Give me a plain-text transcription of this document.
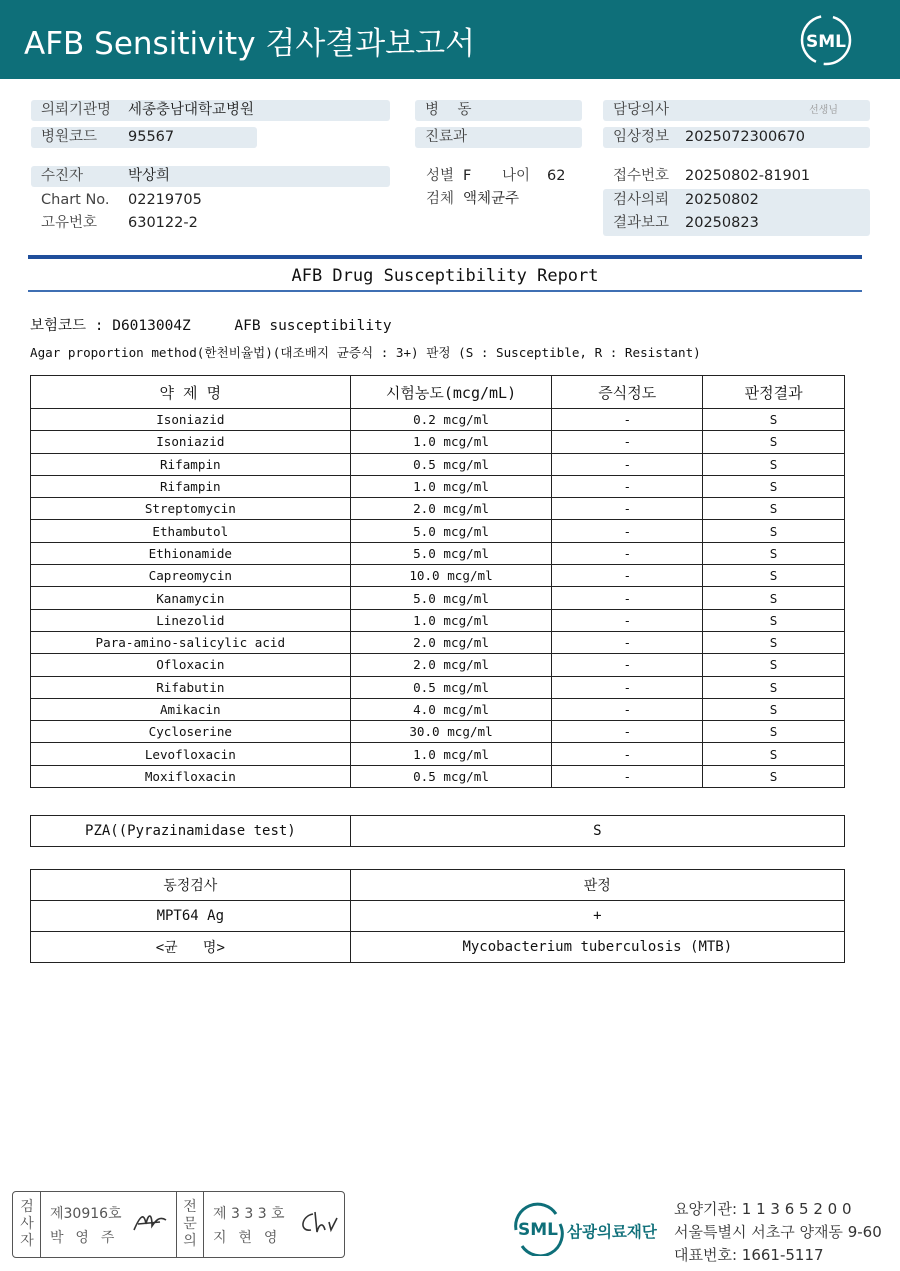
AFB Sensitivity 검사결과보고서	SML
의뢰기관명 세종충남대학교병원
병원코드 95567
수진자	박상희
Chart No. 02219705
고유번호 630122-2
병    동
진료과
성별 F 나이 62
검체 액체균주
담당의사	선생님
임상정보 2025072300670
접수번호 20250802-81901
검사의뢰 20250802
결과보고 20250823
AFB Drug Susceptibility Report
보험코드 : D6013004Z     AFB susceptibility
Agar proportion method(한천비율법)(대조배지 균증식 : 3+) 판정 (S : Susceptible, R : Resistant)
약 제 명	시험농도(mcg/mL)	증식정도	판정결과
Isoniazid	0.2 mcg/ml	-	S
Isoniazid	1.0 mcg/ml	-	S
Rifampin	0.5 mcg/ml	-	S
Rifampin	1.0 mcg/ml	-	S
Streptomycin	2.0 mcg/ml	-	S
Ethambutol	5.0 mcg/ml	-	S
Ethionamide	5.0 mcg/ml	-	S
Capreomycin	10.0 mcg/ml	-	S
Kanamycin	5.0 mcg/ml	-	S
Linezolid	1.0 mcg/ml	-	S
Para-amino-salicylic acid	2.0 mcg/ml	-	S
Ofloxacin	2.0 mcg/ml	-	S
Rifabutin	0.5 mcg/ml	-	S
Amikacin	4.0 mcg/ml	-	S
Cycloserine	30.0 mcg/ml	-	S
Levofloxacin	1.0 mcg/ml	-	S
Moxifloxacin	0.5 mcg/ml	-	S
PZA((Pyrazinamidase test)	S
동정검사	판정
MPT64 Ag	+
<균   명>	Mycobacterium tuberculosis (MTB)
검
사
자
제30916호
박  영  주
전
문
의
제 3 3 3 호
지  현  영	SML 삼광의료재단
요양기관: 1 1 3 6 5 2 0 0
서울특별시 서초구 양재동 9-60
대표번호: 1661-5117
